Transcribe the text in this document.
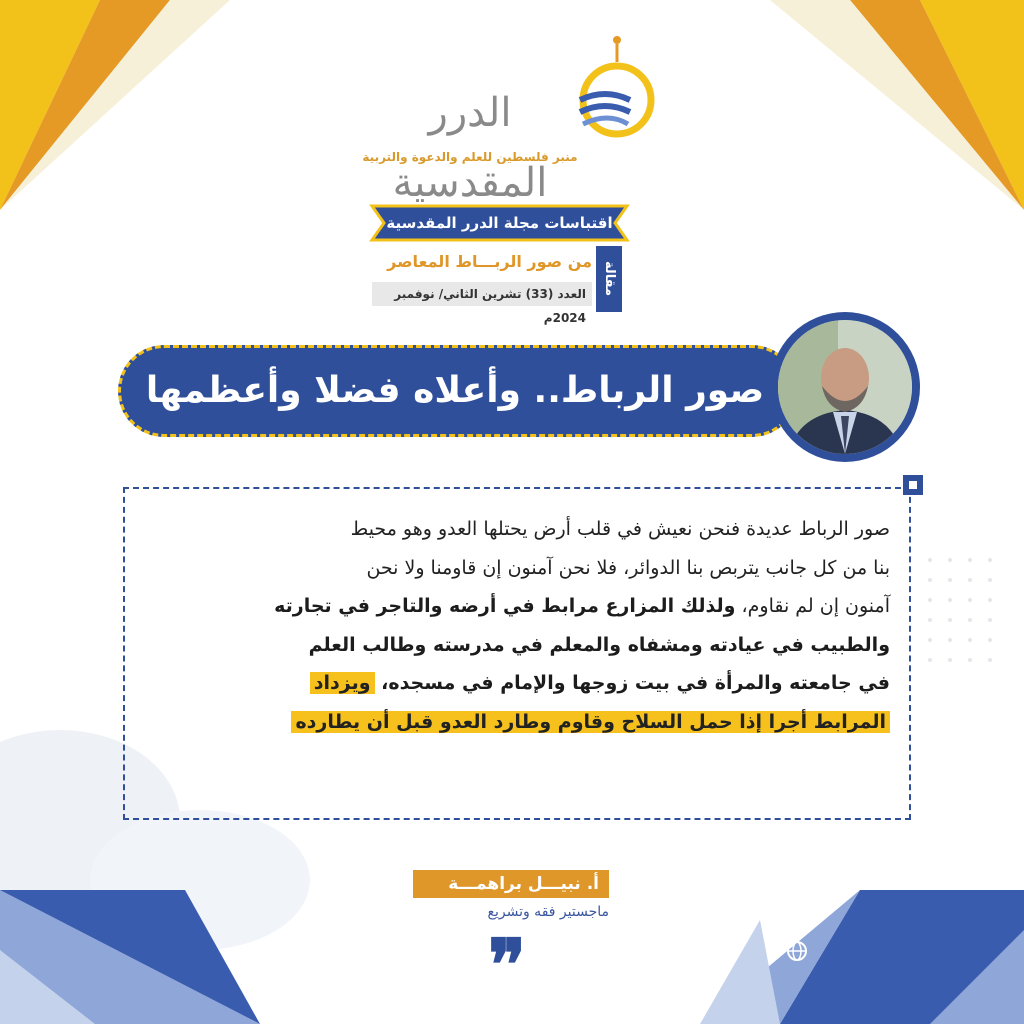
الدرر المقدسية
منبر فلسطين للعلم والدعوة والتربية
اقتباسات مجلة الدرر المقدسية
مقالة
من صور الربـــاط المعاصر
العدد (33) تشرين الثاني/ نوفمبر 2024م
صور الرباط.. وأعلاه فضلا وأعظمها أجرا
صور الرباط عديدة فنحن نعيش في قلب أرض يحتلها العدو وهو محيط
بنا من كل جانب يتربص بنا الدوائر، فلا نحن آمنون إن قاومنا ولا نحن
آمنون إن لم نقاوم، ولذلك المزارع مرابط في أرضه والتاجر في تجارته
والطبيب في عيادته ومشفاه والمعلم في مدرسته وطالب العلم
في جامعته والمرأة في بيت زوجها والإمام في مسجده، ويزداد
المرابط أجرا إذا حمل السلاح وقاوم وطارد العدو قبل أن يطارده
أ. نبيـــل براهمـــة
ماجستير فقه وتشريع
❞
